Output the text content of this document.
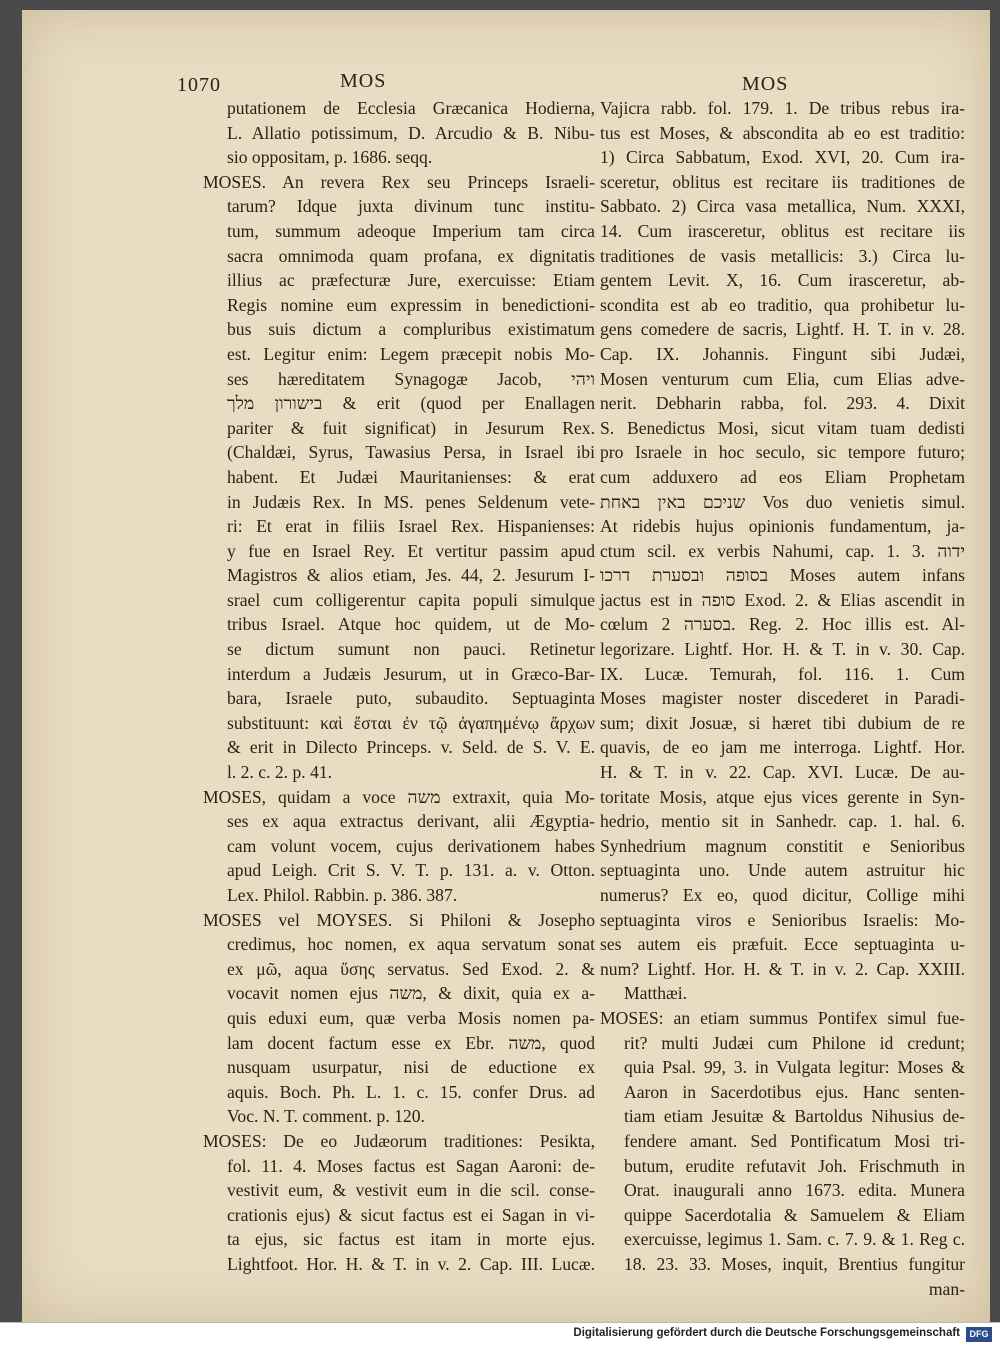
1070	MOS	MOS
putationem de Ecclesia Græcanica Hodierna,
L. Allatio potissimum, D. Arcudio & B. Nibu-
sio oppositam, p. 1686. seqq.
MOSES. An revera Rex seu Princeps Israeli-
tarum? Idque juxta divinum tunc institu-
tum, summum adeoque Imperium tam circa
sacra omnimoda quam profana, ex dignitatis
illius ac præfecturæ Jure, exercuisse: Etiam
Regis nomine eum expressim in benedictioni-
bus suis dictum a compluribus existimatum
est. Legitur enim: Legem præcepit nobis Mo-
ses hæreditatem Synagogæ Jacob, ויהי
בישורון מלך & erit (quod per Enallagen
pariter & fuit significat) in Jesurum Rex.
(Chaldæi, Syrus, Tawasius Persa, in Israel ibi
habent. Et Judæi Mauritanienses: & erat
in Judæis Rex. In MS. penes Seldenum vete-
ri: Et erat in filiis Israel Rex. Hispanienses:
y fue en Israel Rey. Et vertitur passim apud
Magistros & alios etiam, Jes. 44, 2. Jesurum I-
srael cum colligerentur capita populi simulque
tribus Israel. Atque hoc quidem, ut de Mo-
se dictum sumunt non pauci. Retinetur
interdum a Judæis Jesurum, ut in Græco-Bar-
bara, Israele puto, subaudito. Septuaginta
substituunt: καὶ ἔσται ἐν τῷ ἀγαπημένῳ ἄρχων
& erit in Dilecto Princeps. v. Seld. de S. V. E.
l. 2. c. 2. p. 41.
MOSES, quidam a voce משה extraxit, quia Mo-
ses ex aqua extractus derivant, alii Ægyptia-
cam volunt vocem, cujus derivationem habes
apud Leigh. Crit S. V. T. p. 131. a. v. Otton.
Lex. Philol. Rabbin. p. 386. 387.
MOSES vel MOYSES. Si Philoni & Josepho
credimus, hoc nomen, ex aqua servatum sonat
ex μῶ, aqua ὕσης servatus. Sed Exod. 2. &
vocavit nomen ejus משה, & dixit, quia ex a-
quis eduxi eum, quæ verba Mosis nomen pa-
lam docent factum esse ex Ebr. משה, quod
nusquam usurpatur, nisi de eductione ex
aquis. Boch. Ph. L. 1. c. 15. confer Drus. ad
Voc. N. T. comment. p. 120.
MOSES: De eo Judæorum traditiones: Pesikta,
fol. 11. 4. Moses factus est Sagan Aaroni: de-
vestivit eum, & vestivit eum in die scil. conse-
crationis ejus) & sicut factus est ei Sagan in vi-
ta ejus, sic factus est itam in morte ejus.
Lightfoot. Hor. H. & T. in v. 2. Cap. III. Lucæ.
Vajicra rabb. fol. 179. 1. De tribus rebus ira-
tus est Moses, & abscondita ab eo est traditio:
1) Circa Sabbatum, Exod. XVI, 20. Cum ira-
sceretur, oblitus est recitare iis traditiones de
Sabbato. 2) Circa vasa metallica, Num. XXXI,
14. Cum irasceretur, oblitus est recitare iis
traditiones de vasis metallicis: 3.) Circa lu-
gentem Levit. X, 16. Cum irasceretur, ab-
scondita est ab eo traditio, qua prohibetur lu-
gens comedere de sacris, Lightf. H. T. in v. 28.
Cap. IX. Johannis. Fingunt sibi Judæi,
Mosen venturum cum Elia, cum Elias adve-
nerit. Debharin rabba, fol. 293. 4. Dixit
S. Benedictus Mosi, sicut vitam tuam dedisti
pro Israele in hoc seculo, sic tempore futuro;
cum adduxero ad eos Eliam Prophetam
שניכם באין באחת Vos duo venietis simul.
At ridebis hujus opinionis fundamentum, ja-
ctum scil. ex verbis Nahumi, cap. 1. 3. ידוה
בסופה ובסערת דרכו Moses autem infans
jactus est in סופה Exod. 2. & Elias ascendit in
cœlum בסערה 2. Reg. 2. Hoc illis est. Al-
legorizare. Lightf. Hor. H. & T. in v. 30. Cap.
IX. Lucæ. Temurah, fol. 116. 1. Cum
Moses magister noster discederet in Paradi-
sum; dixit Josuæ, si hæret tibi dubium de re
quavis, de eo jam me interroga. Lightf. Hor.
H. & T. in v. 22. Cap. XVI. Lucæ. De au-
toritate Mosis, atque ejus vices gerente in Syn-
hedrio, mentio sit in Sanhedr. cap. 1. hal. 6.
Synhedrium magnum constitit e Senioribus
septuaginta uno. Unde autem astruitur hic
numerus? Ex eo, quod dicitur, Collige mihi
septuaginta viros e Senioribus Israelis: Mo-
ses autem eis præfuit. Ecce septuaginta u-
num? Lightf. Hor. H. & T. in v. 2. Cap. XXIII.
Matthæi.
MOSES: an etiam summus Pontifex simul fue-
rit? multi Judæi cum Philone id credunt;
quia Psal. 99, 3. in Vulgata legitur: Moses &
Aaron in Sacerdotibus ejus. Hanc senten-
tiam etiam Jesuitæ & Bartoldus Nihusius de-
fendere amant. Sed Pontificatum Mosi tri-
butum, erudite refutavit Joh. Frischmuth in
Orat. inaugurali anno 1673. edita. Munera
quippe Sacerdotalia & Samuelem & Eliam
exercuisse, legimus 1. Sam. c. 7. 9. & 1. Reg c.
18. 23. 33. Moses, inquit, Brentius fungitur
man-
Digitalisierung gefördert durch die Deutsche Forschungsgemeinschaft	DFG
